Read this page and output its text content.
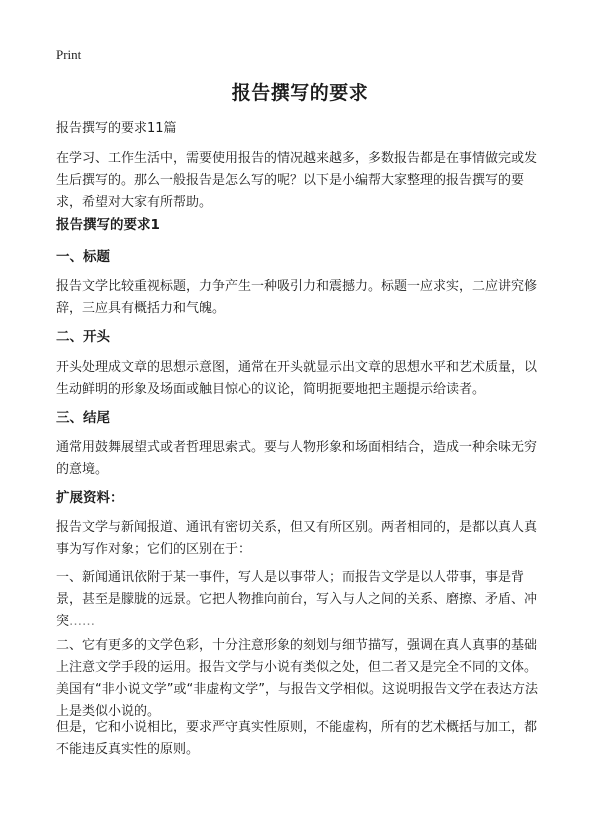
Print
报告撰写的要求

报告撰写的要求11篇

在学习、工作生活中，需要使用报告的情况越来越多，多数报告都是在事情做完或发生后撰写的。那么一般报告是怎么写的呢？以下是小编帮大家整理的报告撰写的要求，希望对大家有所帮助。

报告撰写的要求1

一、标题

报告文学比较重视标题，力争产生一种吸引力和震撼力。标题一应求实，二应讲究修辞，三应具有概括力和气魄。

二、开头

开头处理成文章的思想示意图，通常在开头就显示出文章的思想水平和艺术质量，以生动鲜明的形象及场面或触目惊心的议论，简明扼要地把主题提示给读者。

三、结尾

通常用鼓舞展望式或者哲理思索式。要与人物形象和场面相结合，造成一种余味无穷的意境。

扩展资料：

报告文学与新闻报道、通讯有密切关系，但又有所区别。两者相同的，是都以真人真事为写作对象；它们的区别在于：

一、新闻通讯依附于某一事件，写人是以事带人；而报告文学是以人带事，事是背景，甚至是朦胧的远景。它把人物推向前台，写入与人之间的关系、磨擦、矛盾、冲突……

二、它有更多的文学色彩，十分注意形象的刻划与细节描写，强调在真人真事的基础上注意文学手段的运用。报告文学与小说有类似之处，但二者又是完全不同的文体。美国有“非小说文学”或“非虚构文学”，与报告文学相似。这说明报告文学在表达方法上是类似小说的。

但是，它和小说相比，要求严守真实性原则，不能虚构，所有的艺术概括与加工，都不能违反真实性的原则。
